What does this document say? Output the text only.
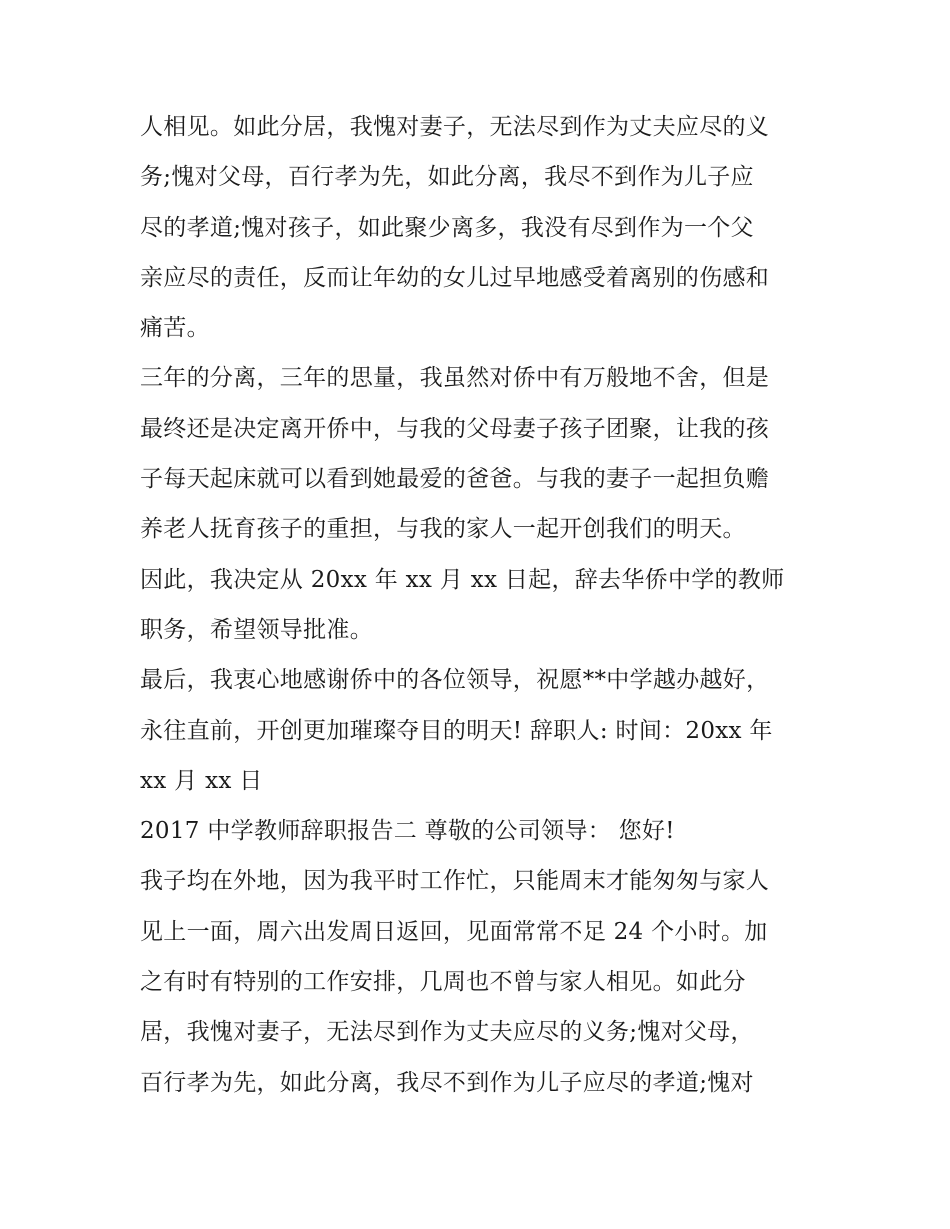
人相见。如此分居，我愧对妻子，无法尽到作为丈夫应尽的义
务;愧对父母，百行孝为先，如此分离，我尽不到作为儿子应
尽的孝道;愧对孩子，如此聚少离多，我没有尽到作为一个父
亲应尽的责任，反而让年幼的女儿过早地感受着离别的伤感和
痛苦。
三年的分离，三年的思量，我虽然对侨中有万般地不舍，但是
最终还是决定离开侨中，与我的父母妻子孩子团聚，让我的孩
子每天起床就可以看到她最爱的爸爸。与我的妻子一起担负赡
养老人抚育孩子的重担，与我的家人一起开创我们的明天。
因此，我决定从 20xx 年 xx 月 xx 日起，辞去华侨中学的教师
职务，希望领导批准。
最后，我衷心地感谢侨中的各位领导，祝愿**中学越办越好，
永往直前，开创更加璀璨夺目的明天! 辞职人: 时间：20xx 年
xx 月 xx 日
2017 中学教师辞职报告二 尊敬的公司领导： 您好!
我子均在外地，因为我平时工作忙，只能周末才能匆匆与家人
见上一面，周六出发周日返回，见面常常不足 24 个小时。加
之有时有特别的工作安排，几周也不曾与家人相见。如此分
居，我愧对妻子，无法尽到作为丈夫应尽的义务;愧对父母，
百行孝为先，如此分离，我尽不到作为儿子应尽的孝道;愧对
